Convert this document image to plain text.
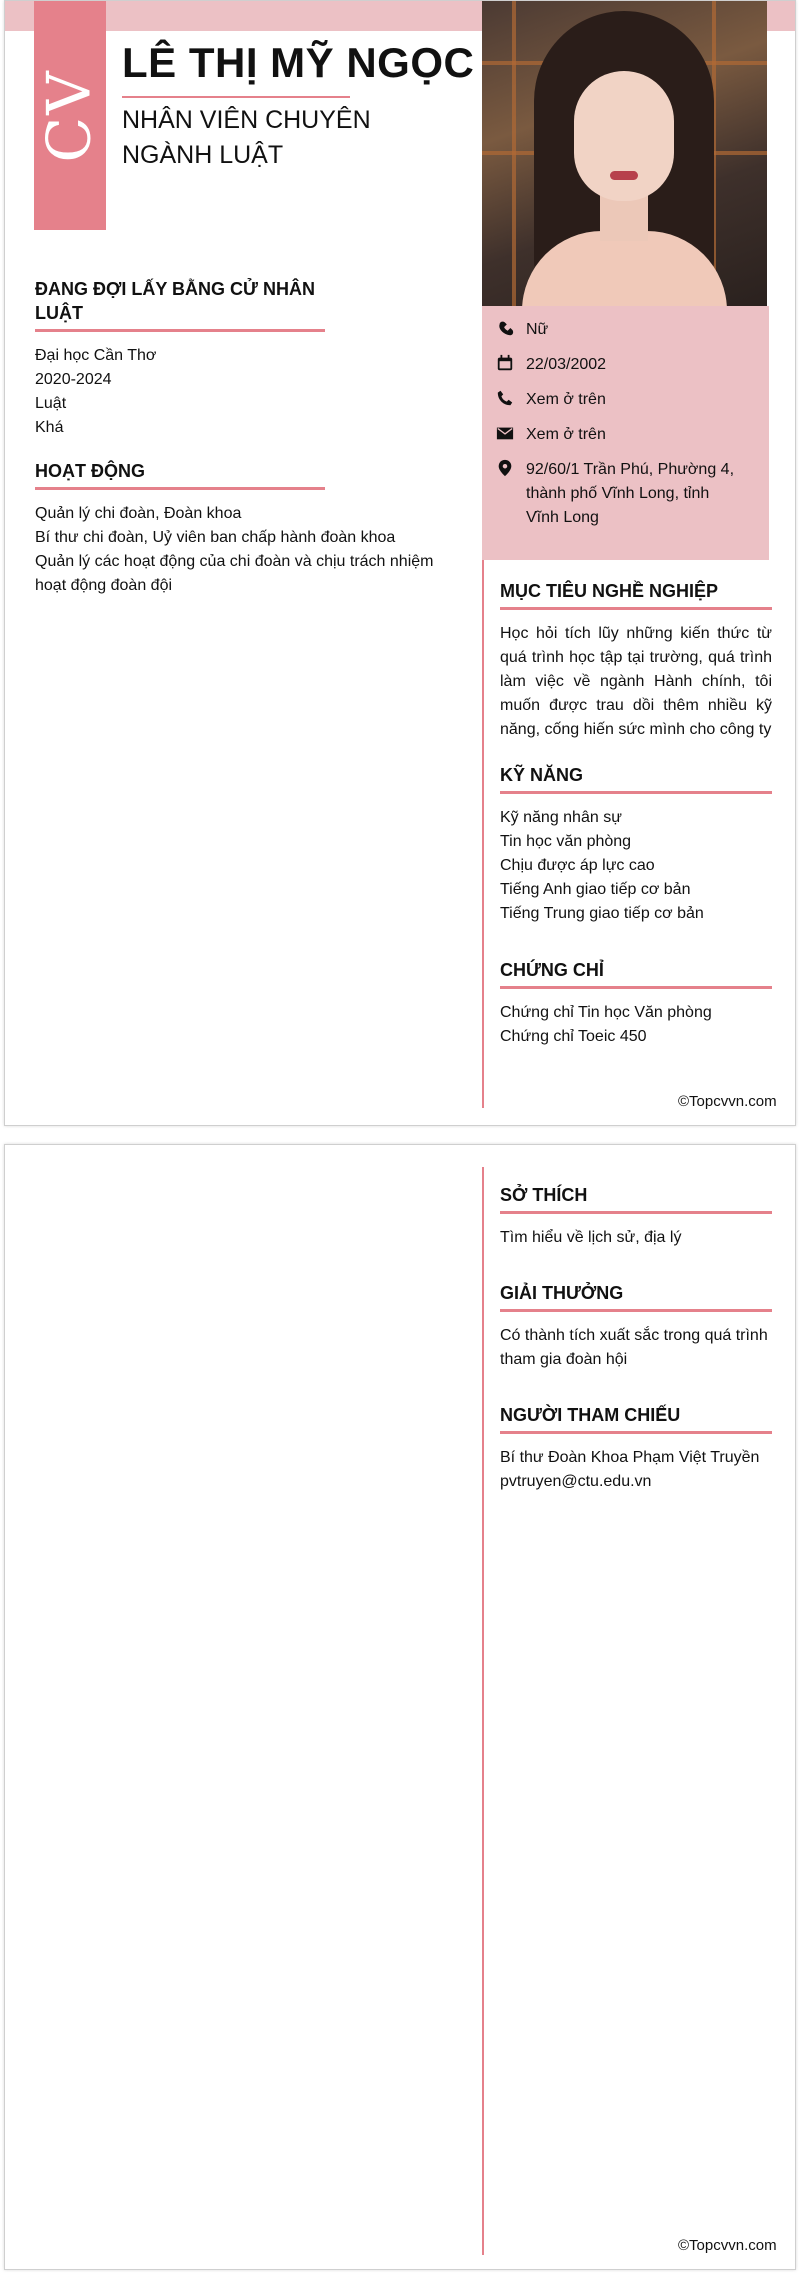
CV
LÊ THỊ MỸ NGỌC
NHÂN VIÊN CHUYÊN NGÀNH LUẬT
ĐANG ĐỢI LẤY BẰNG CỬ NHÂN LUẬT
Đại học Cần Thơ
2020-2024
Luật
Khá
HOẠT ĐỘNG
Quản lý chi đoàn, Đoàn khoa
Bí thư chi đoàn, Uỷ viên ban chấp hành đoàn khoa
Quản lý các hoạt động của chi đoàn và chịu trách nhiệm hoạt động đoàn đội
Nữ
22/03/2002
Xem ở trên
Xem ở trên
92/60/1 Trần Phú, Phường 4, thành phố Vĩnh Long, tỉnh Vĩnh Long
MỤC TIÊU NGHỀ NGHIỆP
Học hỏi tích lũy những kiến thức từ quá trình học tập tại trường, quá trình làm việc về ngành Hành chính, tôi muốn được trau dồi thêm nhiều kỹ năng, cống hiến sức mình cho công ty
KỸ NĂNG
Kỹ năng nhân sự
Tin học văn phòng
Chịu được áp lực cao
Tiếng Anh giao tiếp cơ bản
Tiếng Trung giao tiếp cơ bản
CHỨNG CHỈ
Chứng chỉ Tin học Văn phòng
Chứng chỉ Toeic 450
©Topcvvn.com
SỞ THÍCH
Tìm hiểu về lịch sử, địa lý
GIẢI THƯỞNG
Có thành tích xuất sắc trong quá trình tham gia đoàn hội
NGƯỜI THAM CHIẾU
Bí thư Đoàn Khoa Phạm Việt Truyền
pvtruyen@ctu.edu.vn
©Topcvvn.com
